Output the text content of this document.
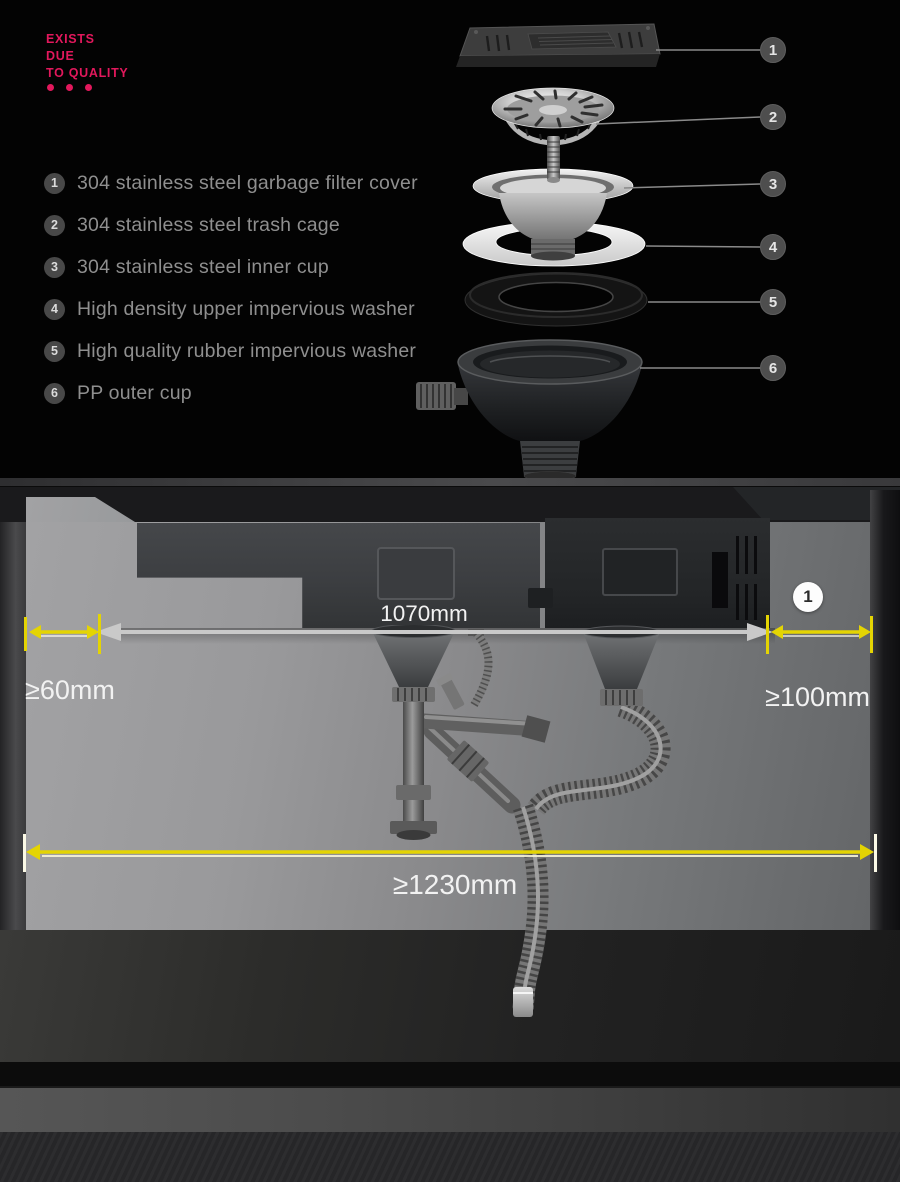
EXISTS
DUE
TO QUALITY
1 304 stainless steel garbage filter cover
2 304 stainless steel trash cage
3 304 stainless steel inner cup
4 High density upper impervious washer
5 High quality rubber impervious washer
6 PP outer cup
1
2
3
4
5
6
1070mm
≥60mm	≥100mm
1
≥1230mm
